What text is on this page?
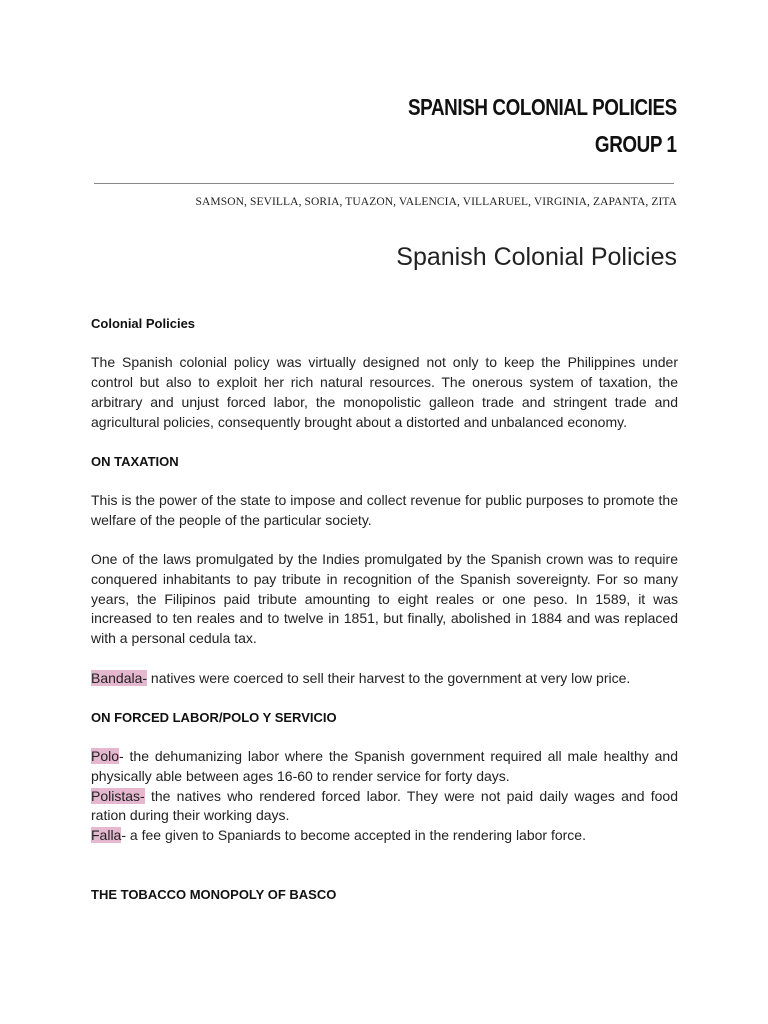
SPANISH COLONIAL POLICIES
GROUP 1
SAMSON, SEVILLA, SORIA, TUAZON, VALENCIA, VILLARUEL, VIRGINIA, ZAPANTA, ZITA
Spanish Colonial Policies

Colonial Policies

The Spanish colonial policy was virtually designed not only to keep the Philippines under control but also to exploit her rich natural resources. The onerous system of taxation, the arbitrary and unjust forced labor, the monopolistic galleon trade and stringent trade and agricultural policies, consequently brought about a distorted and unbalanced economy.

ON TAXATION

This is the power of the state to impose and collect revenue for public purposes to promote the welfare of the people of the particular society.

One of the laws promulgated by the Indies promulgated by the Spanish crown was to require conquered inhabitants to pay tribute in recognition of the Spanish sovereignty. For so many years, the Filipinos paid tribute amounting to eight reales or one peso. In 1589, it was increased to ten reales and to twelve in 1851, but finally, abolished in 1884 and was replaced with a personal cedula tax.

Bandala- natives were coerced to sell their harvest to the government at very low price.

ON FORCED LABOR/POLO Y SERVICIO

Polo- the dehumanizing labor where the Spanish government required all male healthy and physically able between ages 16-60 to render service for forty days.

Polistas- the natives who rendered forced labor. They were not paid daily wages and food ration during their working days.

Falla- a fee given to Spaniards to become accepted in the rendering labor force.

THE TOBACCO MONOPOLY OF BASCO
